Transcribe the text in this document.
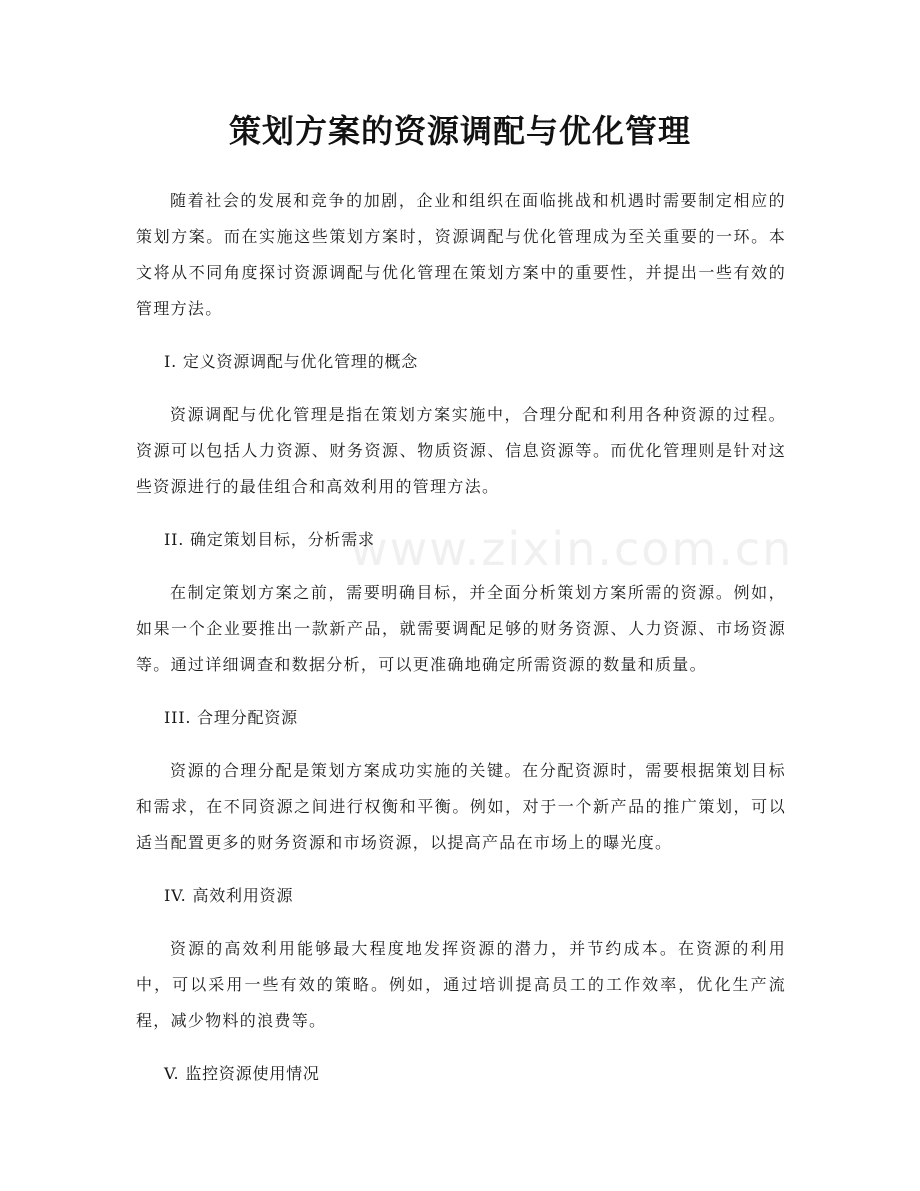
策划方案的资源调配与优化管理
www.zixin.com.cn

随着社会的发展和竞争的加剧，企业和组织在面临挑战和机遇时需要制定相应的策划方案。而在实施这些策划方案时，资源调配与优化管理成为至关重要的一环。本文将从不同角度探讨资源调配与优化管理在策划方案中的重要性，并提出一些有效的管理方法。

I. 定义资源调配与优化管理的概念

资源调配与优化管理是指在策划方案实施中，合理分配和利用各种资源的过程。资源可以包括人力资源、财务资源、物质资源、信息资源等。而优化管理则是针对这些资源进行的最佳组合和高效利用的管理方法。

II. 确定策划目标，分析需求

在制定策划方案之前，需要明确目标，并全面分析策划方案所需的资源。例如，如果一个企业要推出一款新产品，就需要调配足够的财务资源、人力资源、市场资源等。通过详细调查和数据分析，可以更准确地确定所需资源的数量和质量。

III. 合理分配资源

资源的合理分配是策划方案成功实施的关键。在分配资源时，需要根据策划目标和需求，在不同资源之间进行权衡和平衡。例如，对于一个新产品的推广策划，可以适当配置更多的财务资源和市场资源，以提高产品在市场上的曝光度。

IV. 高效利用资源

资源的高效利用能够最大程度地发挥资源的潜力，并节约成本。在资源的利用中，可以采用一些有效的策略。例如，通过培训提高员工的工作效率，优化生产流程，减少物料的浪费等。

V. 监控资源使用情况
